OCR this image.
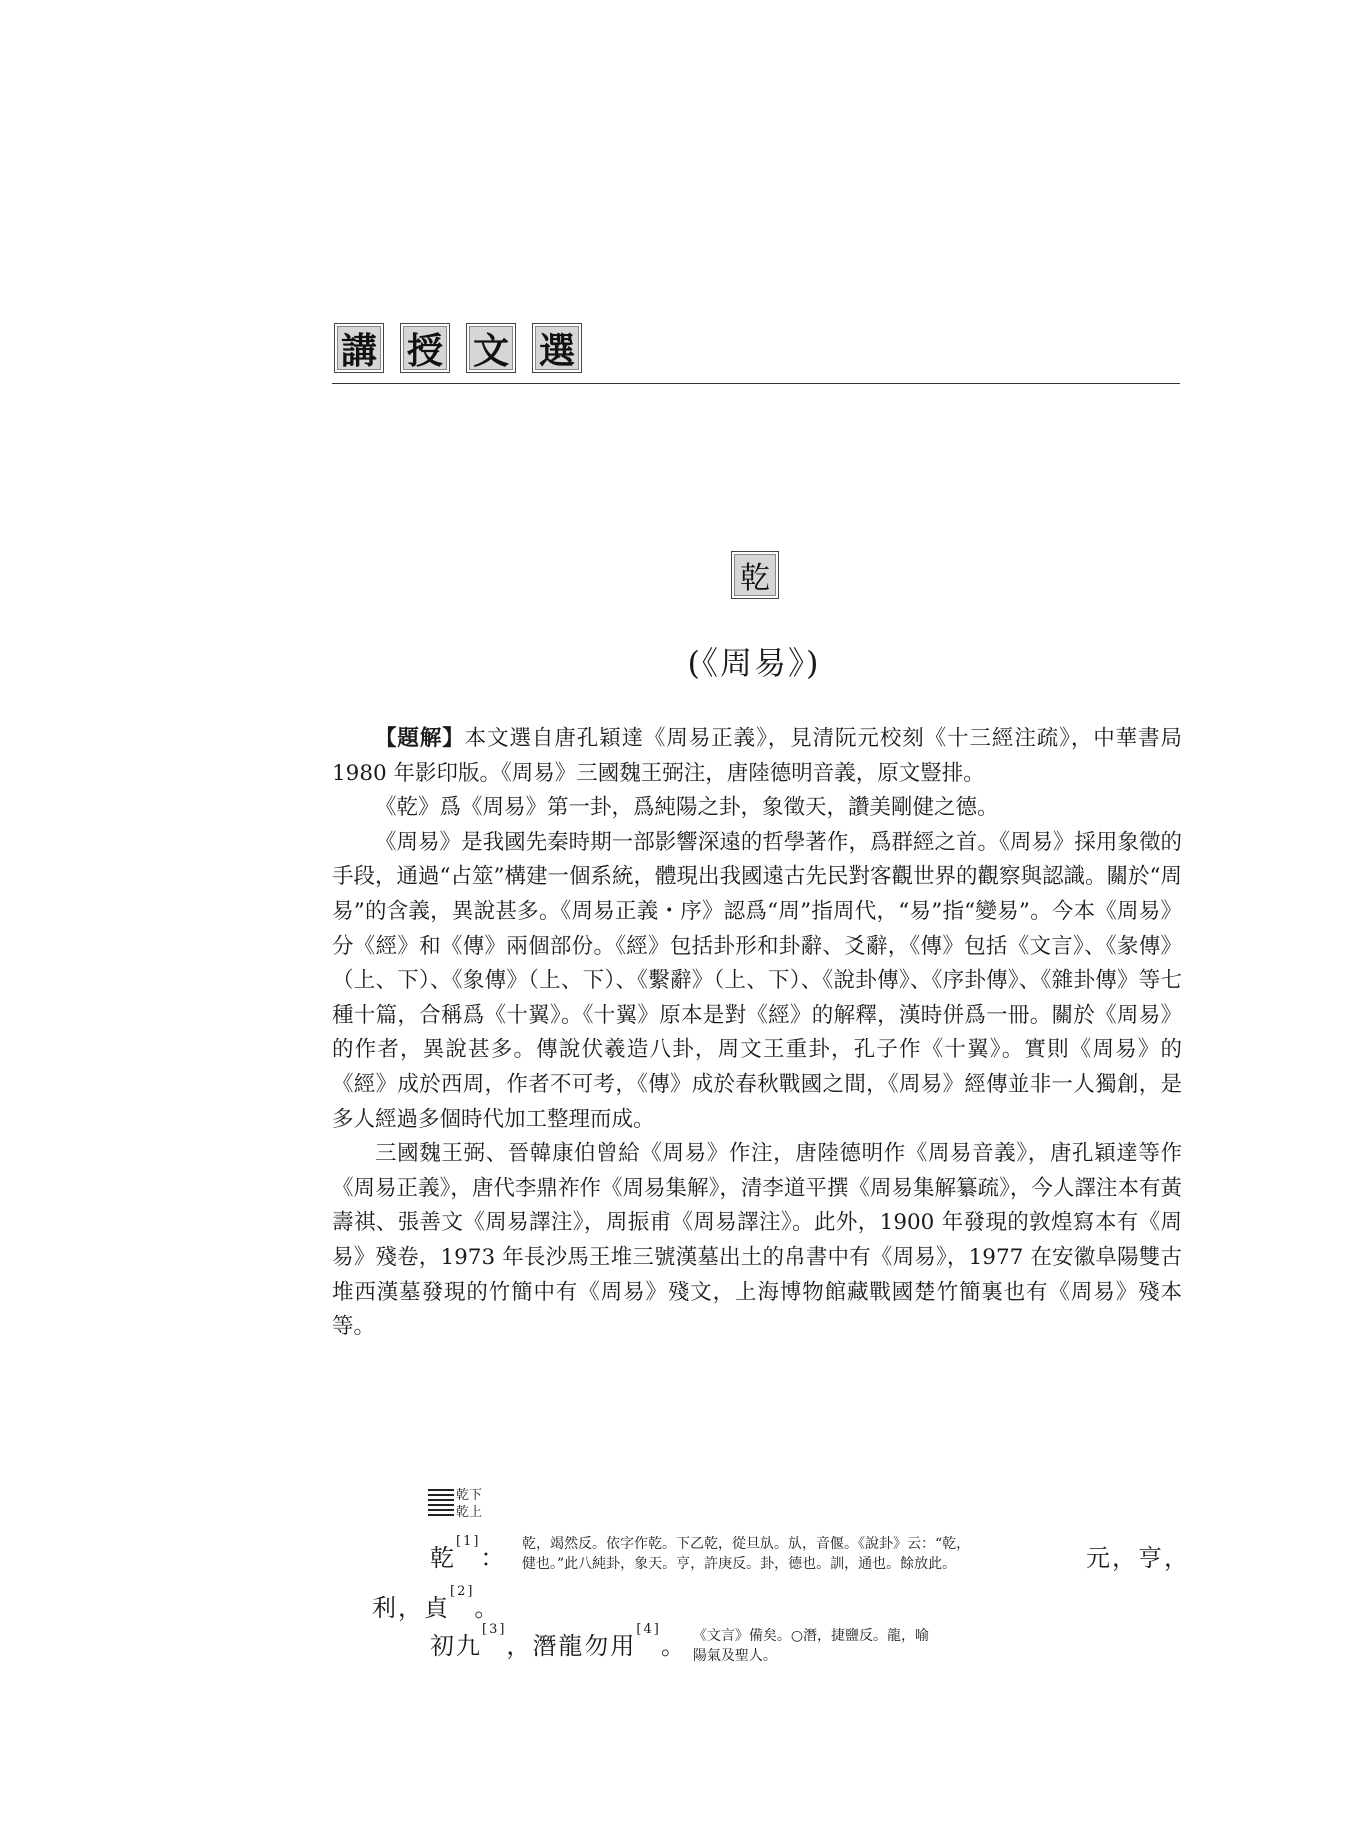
講 授 文 選
乾
(《周易》)

【題解】本文選自唐孔穎達《周易正義》，見清阮元校刻《十三經注疏》，中華書局 1980 年影印版。《周易》三國魏王弼注，唐陸德明音義，原文豎排。

《乾》爲《周易》第一卦，爲純陽之卦，象徵天，讚美剛健之德。

《周易》是我國先秦時期一部影響深遠的哲學著作，爲群經之首。《周易》採用象徵的手段，通過“占筮”構建一個系統，體現出我國遠古先民對客觀世界的觀察與認識。關於“周易”的含義，異說甚多。《周易正義・序》認爲“周”指周代，“易”指“變易”。今本《周易》分《經》和《傳》兩個部份。《經》包括卦形和卦辭、爻辭，《傳》包括《文言》、《彖傳》（上、下）、《象傳》（上、下）、《繫辭》（上、下）、《說卦傳》、《序卦傳》、《雜卦傳》等七種十篇，合稱爲《十翼》。《十翼》原本是對《經》的解釋，漢時併爲一冊。關於《周易》的作者，異說甚多。傳說伏羲造八卦，周文王重卦，孔子作《十翼》。實則《周易》的《經》成於西周，作者不可考，《傳》成於春秋戰國之間，《周易》經傳並非一人獨創，是多人經過多個時代加工整理而成。

三國魏王弼、晉韓康伯曾給《周易》作注，唐陸德明作《周易音義》，唐孔穎達等作《周易正義》，唐代李鼎祚作《周易集解》，清李道平撰《周易集解纂疏》，今人譯注本有黃壽祺、張善文《周易譯注》，周振甫《周易譯注》。此外，1900 年發現的敦煌寫本有《周易》殘卷，1973 年長沙馬王堆三號漢墓出土的帛書中有《周易》，1977 在安徽阜陽雙古堆西漢墓發現的竹簡中有《周易》殘文，上海博物館藏戰國楚竹簡裏也有《周易》殘本等。

乾下
乾上
乾[1]： 乾，竭然反。依字作乾。下乙乾，從旦㫃。㫃，音偃。《說卦》云：“乾，健也。”此八純卦，象天。亨，許庚反。卦，德也。訓，通也。餘放此。	元，亨，
利，貞[2]。
初九[3]，潛龍勿用[4]。 《文言》備矣。○潛，捷鹽反。龍，喻陽氣及聖人。
